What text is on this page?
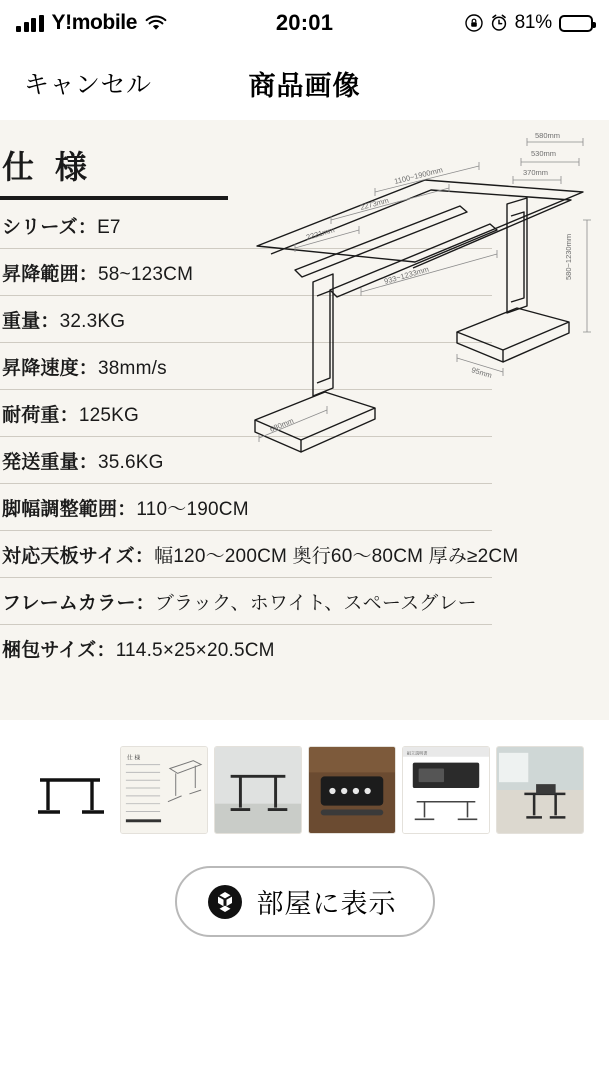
Y!mobile	20:01	81%
キャンセル	商品画像
仕 様
シリーズ：E7
昇降範囲：58~123CM
重量：32.3KG
昇降速度：38mm/s
耐荷重：125KG
発送重量：35.6KG
脚幅調整範囲：110〜190CM
対応天板サイズ：幅120〜200CM 奥行60〜80CM 厚み≥2CM
フレームカラー：ブラック、ホワイト、スペースグレー
梱包サイズ：114.5×25×20.5CM
580mm
530mm
370mm
1100~1900mm
2273mm
2221mm
933~1233mm	580~1230mm
680mm
95mm
仕 様
組立説明書
部屋に表示
